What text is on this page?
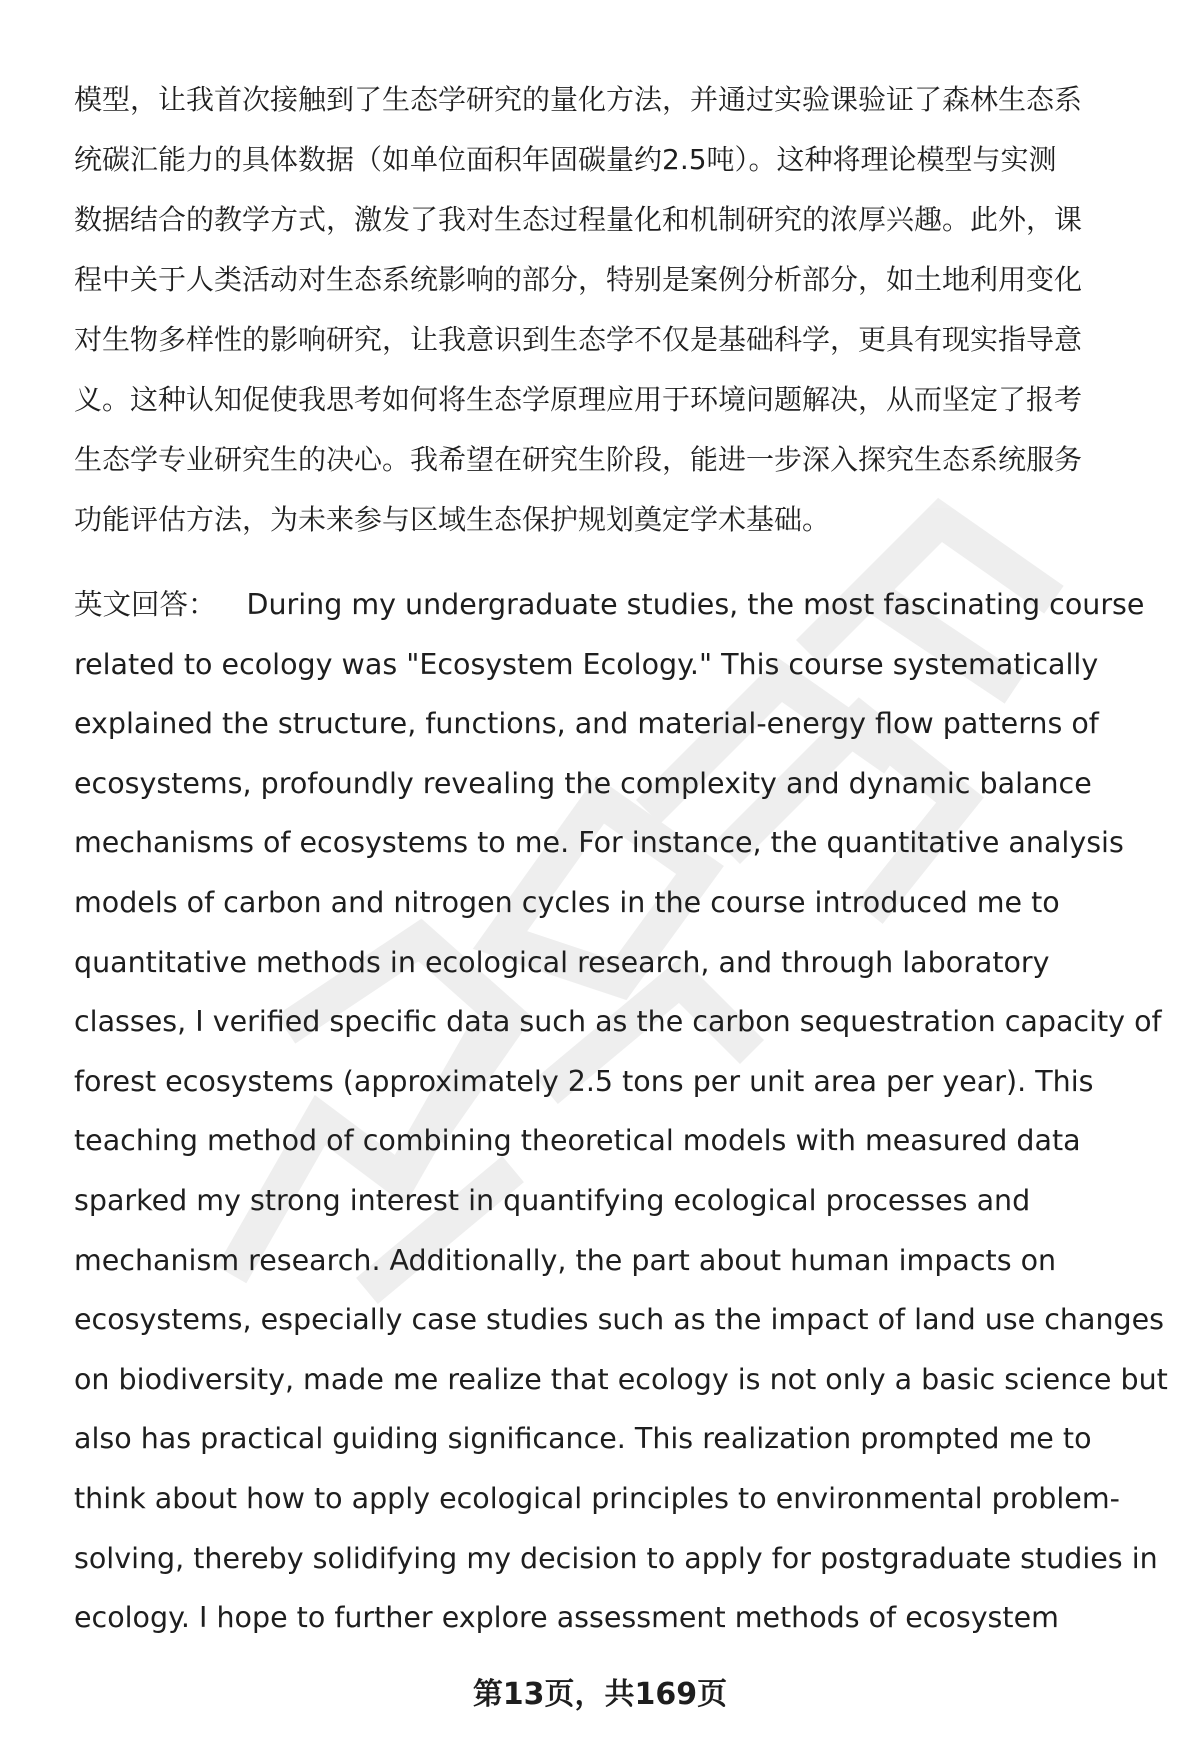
模型，让我首次接触到了生态学研究的量化方法，并通过实验课验证了森林生态系
统碳汇能力的具体数据（如单位面积年固碳量约2.5吨）。这种将理论模型与实测
数据结合的教学方式，激发了我对生态过程量化和机制研究的浓厚兴趣。此外，课
程中关于人类活动对生态系统影响的部分，特别是案例分析部分，如土地利用变化
对生物多样性的影响研究，让我意识到生态学不仅是基础科学，更具有现实指导意
义。这种认知促使我思考如何将生态学原理应用于环境问题解决，从而坚定了报考
生态学专业研究生的决心。我希望在研究生阶段，能进一步深入探究生态系统服务
功能评估方法，为未来参与区域生态保护规划奠定学术基础。
英文回答： During my undergraduate studies, the most fascinating course
related to ecology was "Ecosystem Ecology." This course systematically
explained the structure, functions, and material-energy flow patterns of
ecosystems, profoundly revealing the complexity and dynamic balance
mechanisms of ecosystems to me. For instance, the quantitative analysis
models of carbon and nitrogen cycles in the course introduced me to
quantitative methods in ecological research, and through laboratory
classes, I verified specific data such as the carbon sequestration capacity of
forest ecosystems (approximately 2.5 tons per unit area per year). This
teaching method of combining theoretical models with measured data
sparked my strong interest in quantifying ecological processes and
mechanism research. Additionally, the part about human impacts on
ecosystems, especially case studies such as the impact of land use changes
on biodiversity, made me realize that ecology is not only a basic science but
also has practical guiding significance. This realization prompted me to
think about how to apply ecological principles to environmental problem-
solving, thereby solidifying my decision to apply for postgraduate studies in
ecology. I hope to further explore assessment methods of ecosystem
第13页，共169页
